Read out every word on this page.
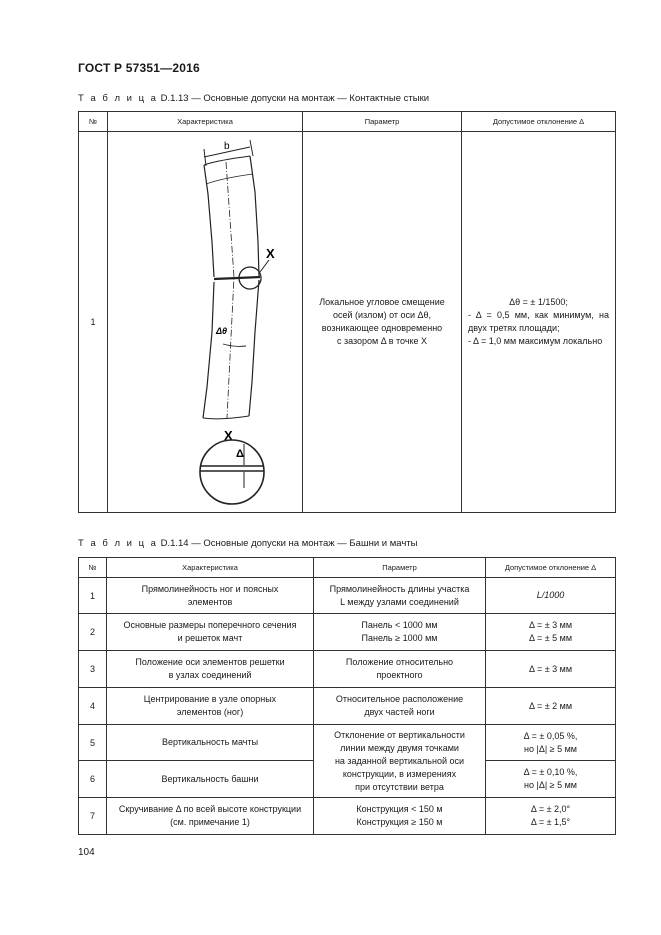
ГОСТ Р 57351—2016
Т а б л и ц а D.1.13 — Основные допуски на монтаж — Контактные стыки
№	Характеристика	Параметр	Допустимое отклонение Δ
1	b
X
Δθ
X
Δ	Локальное угловое смещение
осей (излом) от оси Δθ,
возникающее одновременно
с зазором Δ в точке X	Δθ = ± 1/1500;
- Δ = 0,5 мм, как минимум, на двух третях площади;
- Δ = 1,0 мм максимум локально
Т а б л и ц а D.1.14 — Основные допуски на монтаж — Башни и мачты
№	Характеристика	Параметр	Допустимое отклонение Δ
1	Прямолинейность ног и поясных
элементов	Прямолинейность длины участка
L между узлами соединений	L/1000

2	Основные размеры поперечного сечения
и решеток мачт	Панель < 1000 мм
Панель ≥ 1000 мм	Δ = ± 3 мм
Δ = ± 5 мм

3	Положение оси элементов решетки
в узлах соединений	Положение относительно
проектного	Δ = ± 3 мм

4	Центрирование в узле опорных
элементов (ног)	Относительное расположение
двух частей ноги	Δ = ± 2 мм

5	Вертикальность мачты	Отклонение от вертикальности
линии между двумя точками
на заданной вертикальной оси
конструкции, в измерениях
при отсутствии ветра	Δ = ± 0,05 %,
но |Δ| ≥ 5 мм

6	Вертикальность башни		Δ = ± 0,10 %,
но |Δ| ≥ 5 мм

7	Скручивание Δ по всей высоте конструкции
(см. примечание 1)	Конструкция < 150 м
Конструкция ≥ 150 м	Δ = ± 2,0°
Δ = ± 1,5°
104
